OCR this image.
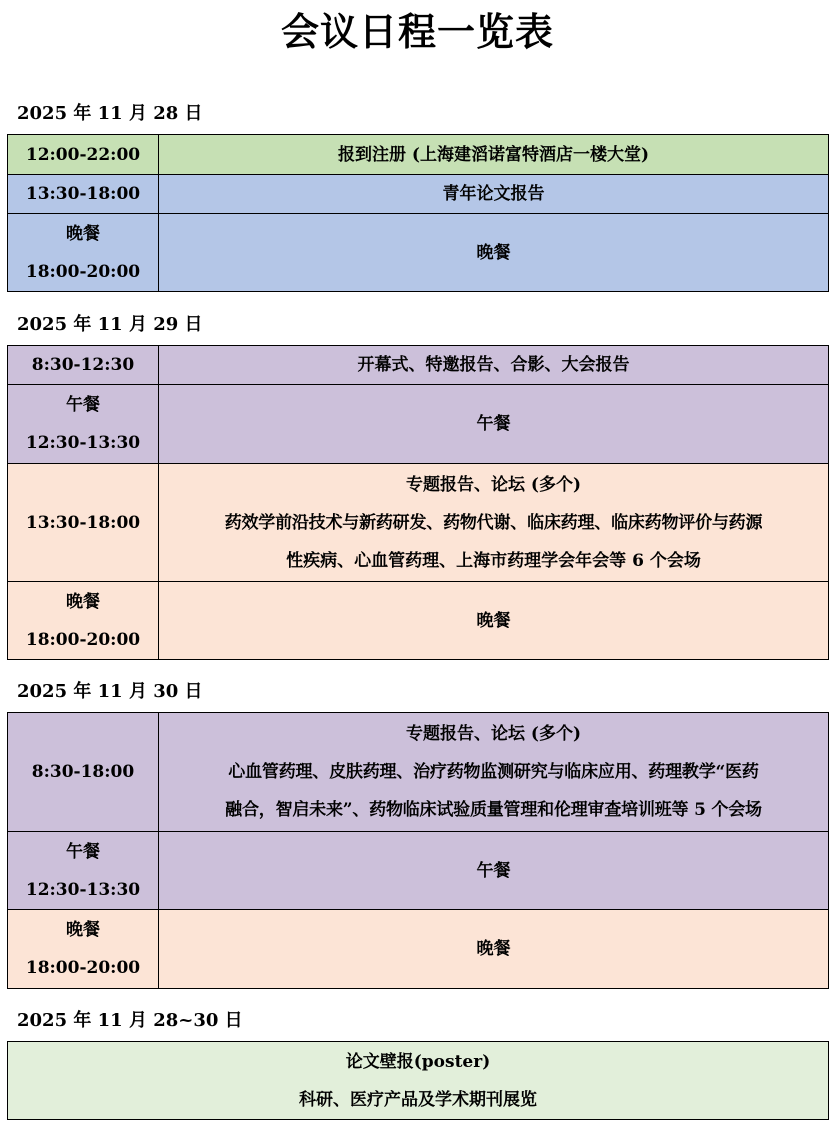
会议日程一览表
2025 年 11 月 28 日
12:00-22:00	报到注册 (上海建滔诺富特酒店一楼大堂)

13:30-18:00	青年论文报告

晚餐
18:00-20:00	晚餐
2025 年 11 月 29 日
8:30-12:30	开幕式、特邀报告、合影、大会报告

午餐
12:30-13:30	午餐

13:30-18:00	专题报告、论坛 (多个)
药效学前沿技术与新药研发、药物代谢、临床药理、临床药物评价与药源
性疾病、心血管药理、上海市药理学会年会等 6 个会场

晚餐
18:00-20:00	晚餐
2025 年 11 月 30 日
8:30-18:00	专题报告、论坛 (多个)
心血管药理、皮肤药理、治疗药物监测研究与临床应用、药理教学“医药
融合，智启未来”、药物临床试验质量管理和伦理审查培训班等 5 个会场

午餐
12:30-13:30	午餐

晚餐
18:00-20:00	晚餐
2025 年 11 月 28~30 日
论文壁报(poster)
科研、医疗产品及学术期刊展览
